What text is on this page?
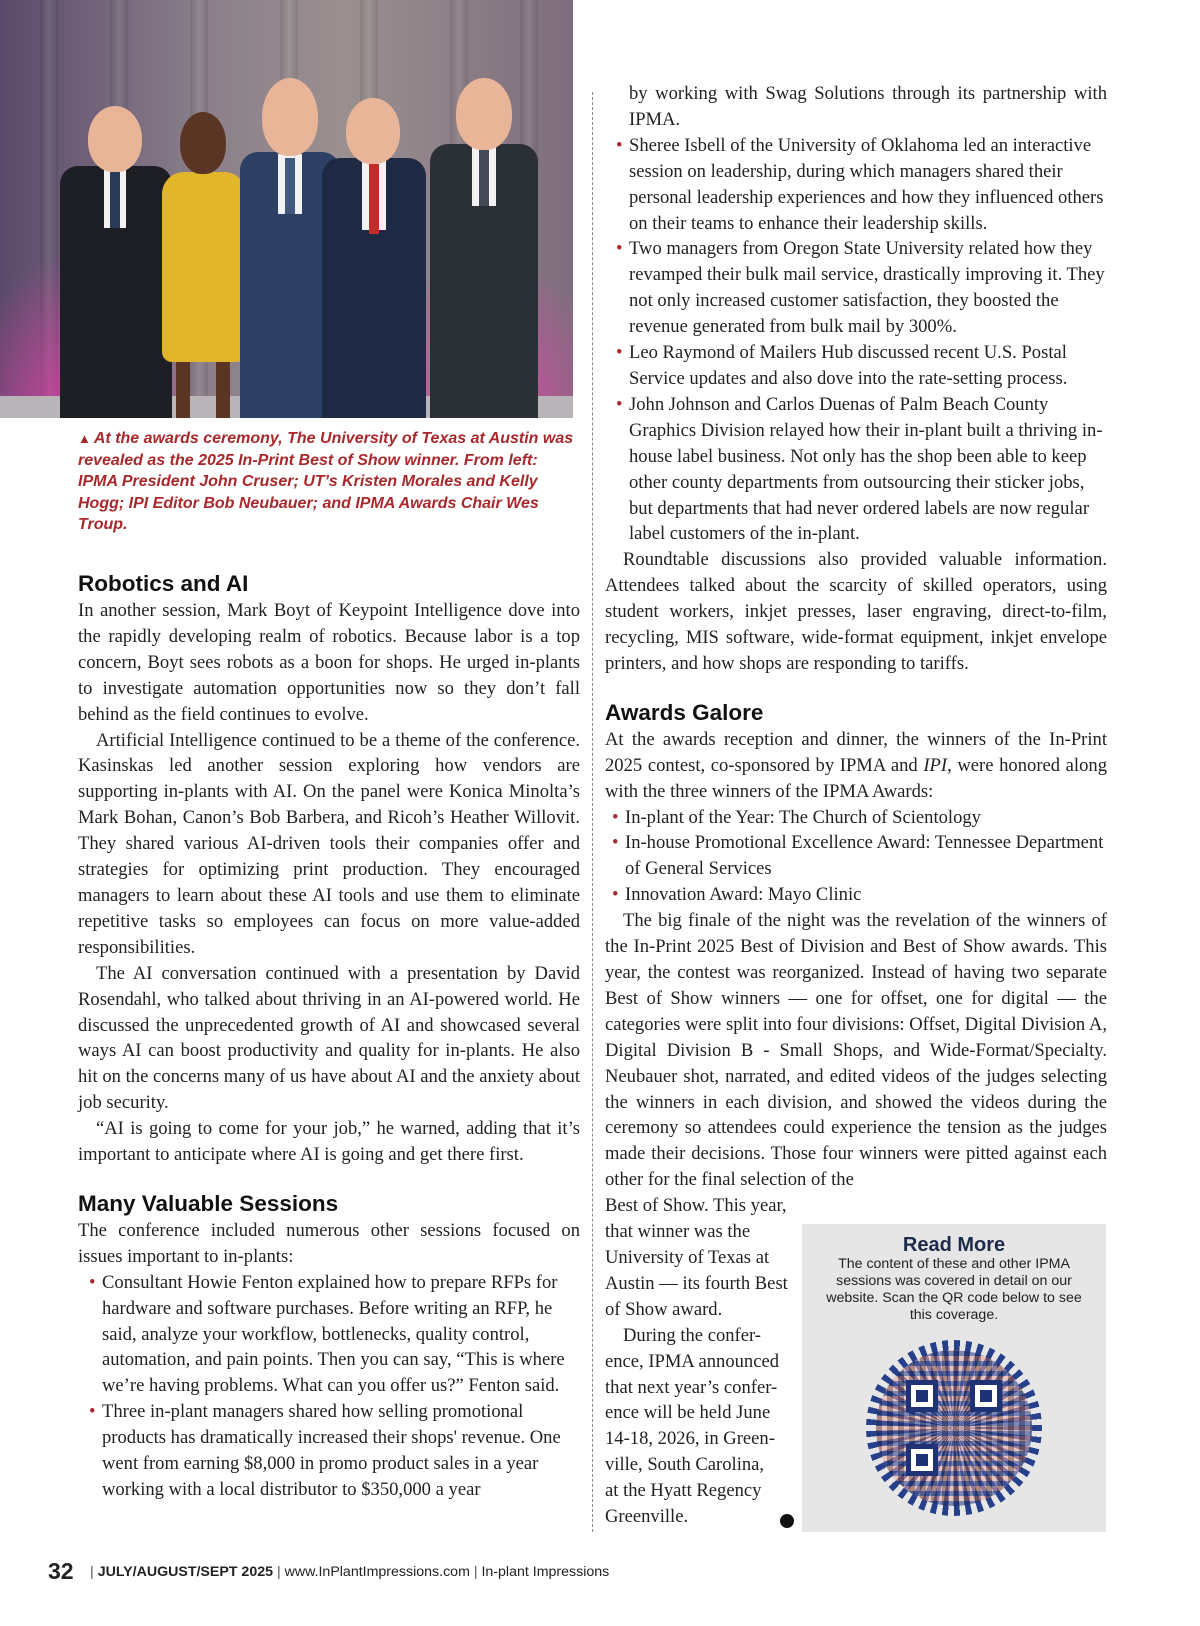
▲ At the awards ceremony, The University of Texas at Austin was revealed as the 2025 In-Print Best of Show winner. From left: IPMA President John Cruser; UT’s Kristen Morales and Kelly Hogg; IPI Editor Bob Neubauer; and IPMA Awards Chair Wes Troup.
Robotics and AI

In another session, Mark Boyt of Keypoint Intelligence dove into the rapidly developing realm of robotics. Because labor is a top concern, Boyt sees robots as a boon for shops. He urged in-plants to investigate automation opportunities now so they don’t fall behind as the field continues to evolve.

Artificial Intelligence continued to be a theme of the conference. Kasinskas led another session exploring how vendors are supporting in-plants with AI. On the panel were Konica Minolta’s Mark Bohan, Canon’s Bob Barbera, and Ricoh’s Heather Willovit. They shared various AI-driven tools their companies offer and strategies for optimizing print production. They encouraged managers to learn about these AI tools and use them to eliminate repetitive tasks so employees can focus on more value-added responsibilities.

The AI conversation continued with a presentation by David Rosendahl, who talked about thriving in an AI-powered world. He discussed the unprecedented growth of AI and showcased several ways AI can boost productivity and quality for in-plants. He also hit on the concerns many of us have about AI and the anxiety about job security.

“AI is going to come for your job,” he warned, adding that it’s important to anticipate where AI is going and get there first.

Many Valuable Sessions

The conference included numerous other sessions focused on issues important to in-plants:

• Consultant Howie Fenton explained how to prepare RFPs for hardware and software purchases. Before writing an RFP, he said, analyze your workflow, bottlenecks, quality control, automation, and pain points. Then you can say, “This is where we’re having problems. What can you offer us?” Fenton said.
• Three in-plant managers shared how selling promotional products has dramatically increased their shops' revenue. One went from earning $8,000 in promo product sales in a year working with a local distributor to $350,000 a year

by working with Swag Solutions through its partnership with IPMA.

• Sheree Isbell of the University of Oklahoma led an interactive session on leadership, during which managers shared their personal leadership experiences and how they influenced others on their teams to enhance their leadership skills.
• Two managers from Oregon State University related how they revamped their bulk mail service, drastically improving it. They not only increased customer satisfaction, they boosted the revenue generated from bulk mail by 300%.
• Leo Raymond of Mailers Hub discussed recent U.S. Postal Service updates and also dove into the rate-setting process.
• John Johnson and Carlos Duenas of Palm Beach County Graphics Division relayed how their in-plant built a thriving in-house label business. Not only has the shop been able to keep other county departments from outsourcing their sticker jobs, but departments that had never ordered labels are now regular label customers of the in-plant.

Roundtable discussions also provided valuable information. Attendees talked about the scarcity of skilled operators, using student workers, inkjet presses, laser engraving, direct-to-film, recycling, MIS software, wide-format equipment, inkjet envelope printers, and how shops are responding to tariffs.

Awards Galore

At the awards reception and dinner, the winners of the In-Print 2025 contest, co-sponsored by IPMA and IPI, were honored along with the three winners of the IPMA Awards:

• In-plant of the Year: The Church of Scientology
• In-house Promotional Excellence Award: Tennessee Department of General Services
• Innovation Award: Mayo Clinic

The big finale of the night was the revelation of the winners of the In-Print 2025 Best of Division and Best of Show awards. This year, the contest was reorganized. Instead of having two separate Best of Show winners — one for offset, one for digital — the categories were split into four divisions: Offset, Digital Division A, Digital Division B - Small Shops, and Wide-Format/Specialty. Neubauer shot, narrated, and edited videos of the judges selecting the winners in each division, and showed the videos during the ceremony so attendees could experience the tension as the judges made their decisions. Those four winners were pitted against each other for the final selection of the

Best of Show. This year,
that winner was the
University of Texas at
Austin — its fourth Best
of Show award.
During the confer-
ence, IPMA announced
that next year’s confer-
ence will be held June
14-18, 2026, in Green-
ville, South Carolina,
at the Hyatt Regency
Greenville.
Read More
The content of these and other IPMA sessions was covered in detail on our website. Scan the QR code below to see this coverage.
32 | JULY/AUGUST/SEPT 2025 | www.InPlantImpressions.com | In-plant Impressions
